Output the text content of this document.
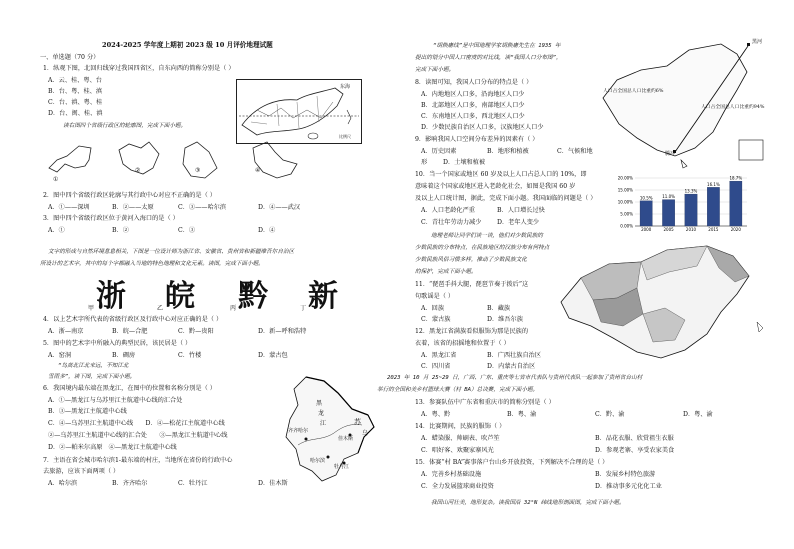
2024-2025 学年度上期初 2023 级 10 月评价地理试题
一、单选题（70 分）
1．纵观下图，北回归线穿过我国四省区，自东向西的简称分别是（ ）
A．云、桂、粤、台
B．台、粤、桂、滇
C．台、滇、粤、桂
D．台、闽、桂、滇
东海
比例尺
读右图四个省级行政区的轮廓图，完成下面小题。
①
②	③	④
2．图中四个省级行政区轮廓与其行政中心对应不正确的是（ ）
A．①——深圳	B．②——太原	C．③——哈尔滨	D．④——武汉
3．图中四个省级行政区位于黄河入海口的是（ ）
A．①	B．②	C．③	D．④
文字的形成与自然环境息息相关，下图是一位设计师为浙江省、安徽省、贵州省和新疆维吾尔自治区
所设计的艺术字，其中的每个字都融入当地的特色地理和文化元素。读图，完成下面小题。
甲 浙	乙 皖	丙 黔	丁 新
4．以上艺术字所代表的省级行政区及行政中心对应正确的是（ ）
A．浙—南京	B．皖—合肥	C．黔—贵阳	D．新—呼和浩特
5．图中的艺术字中所融入的典型民居，该民居是（ ）
A．窑洞	B．碉房	C．竹楼	D．蒙古包
“鸟离北江北来远，不知江北
雪雨多”，读下图，完成下面小题。
6．我国境内最东端在黑龙江，在图中的位置和名称分别是（ ）
A．①—黑龙江与乌苏里江主航道中心线的汇合处
B．③—黑龙江主航道中心线
C．④—乌苏里江主航道中心线　　D．④—松花江主航道中心线
②—乌苏里江主航道中心线的汇合处　　③—黑龙江主航道中心线
D．②—帕米尔高原　④—黑龙江主航道中心线
7．主语在省会城市哈尔滨1-最东端的村庄，当地所在省份的行政中心
去旅游，应该下面两项（ ）
A．哈尔滨	B．齐齐哈尔	C．牡丹江	D．佳木斯
齐齐哈尔
哈尔滨
牡丹江
佳木斯
黑
龙
江	苏
乌
“胡焕庸线”是中国地理学家胡焕庸先生在 1935 年
提出的划分中国人口密度的对比线，读“我国人口分布图”，
完成下面小题。
人口占全国总人口比重约6%
人口占全国总人口比重约94%
黑河
腾冲
8．读图可知，我国人口分布的特点是（ ）
A．内地地区人口多，沿海地区人口少
B．北部地区人口多，南部地区人口少
C．东南地区人口多，西北地区人口少
D．少数民族自治区人口多，汉族地区人口少
9．影响我国人口空间分布差异的因素有（ ）
A．历史因素	B．地形和植被	C．气候和地
形	D．土壤和植被
10．当一个国家或地区 60 岁及以上人口占总人口的 10%，即
意味着这个国家或地区进入老龄化社会，如图是我国 60 岁
及以上人口统计图，据此，完成下面小题。我国面临的问题是（ ）
A．人口老龄化严重	B．人口增长过快
C．青壮年劳动力减少	D．老年人变少	0.00%
5.00%
10.00%
15.00%
20.00%
10.5%
2000
11.0%
2005
13.3%
2010
16.1%
2015
18.7%
2020
地理老师让同学们谈一谈，他们对少数民族的
少数民族的分布特点，在民族地区的汉族分布有何特点
少数民族风俗习惯多样，推动了少数民族文化
的保护，完成下面小题。
11．“琵琶手抖大腿，琵琶节奏于拨后”这
句歌谣是（ ）
A．回族	B．藏族
C．蒙古族	D．维吾尔族
12．黑龙江省满族看似服饰为那是民族的
衣着，该省的招摇地和位置于（ ）
A．黑龙江省	B．广西壮族自治区
C．四川省	D．内蒙古自治区
2023 年 10 月 25~29 日，广西、广东、重庆等七省市代表队与贵州代表队一起参加了贵州省台山村
举行的全国和美乡村篮球大赛（村 BA）总决赛，完成下面小题。
13．参赛队伍中广东省和重庆市的简称分别是（ ）
A．粤、黔	B．粤、渝	C．黔、渝	D．粤、渝
14．比赛期间，民族的服饰（ ）
A．蜡染服、帅刷表、吹芦笙	B．品花衣服、欣赏祖生衣服
C．唱好客、欢聚家寨风光	D．参观老寨、享受农家美食
15．体赛“村 BA”赛事落户台山乡开放投资，下列解决不合理的是（ ）
A．完善乡村基础设施	B．发展乡村特色旅游
C．全力发展篮球商业投资	D．推动事多元化化工业
我国山河壮美，地形复杂。读我国沿 32°N 纬线地形剖面图，完成下面小题。
